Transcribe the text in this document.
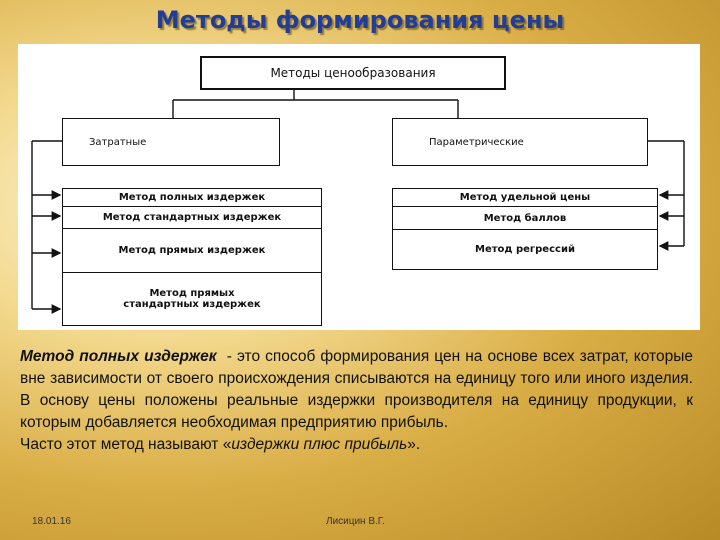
Методы формирования цены
Методы ценообразования
Затратные	Параметрические
Метод полных издержек
Метод стандартных издержек
Метод прямых издержек
Метод прямых стандартных издержек
Метод удельной цены
Метод баллов
Метод регрессий

Метод полных издержек - это способ формирования цен на основе всех затрат, которые вне зависимости от своего происхождения списываются на единицу того или иного изделия. В основу цены положены реальные издержки производителя на единицу продукции, к которым добавляется необходимая предприятию прибыль.

Часто этот метод называют «издержки плюс прибыль».

18.01.16	Лисицин В.Г.
